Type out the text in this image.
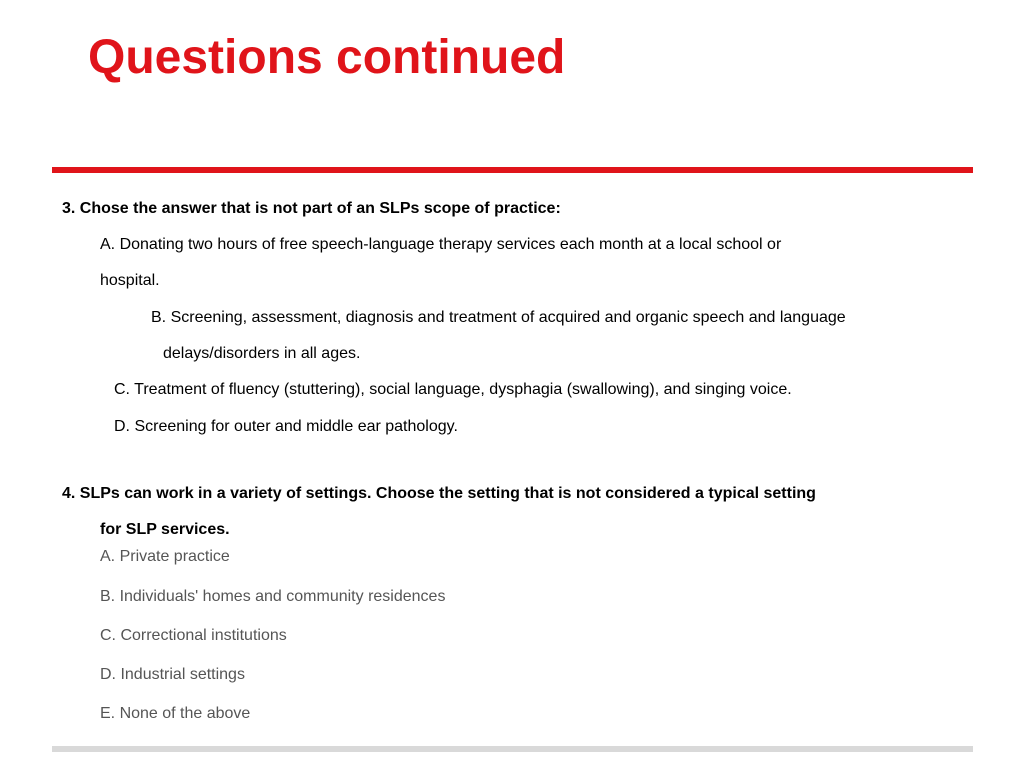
Questions continued

3. Chose the answer that is not part of an SLPs scope of practice:

A. Donating two hours of free speech-language therapy services each month at a local school or

hospital.

B. Screening, assessment, diagnosis and treatment of acquired and organic speech and language

delays/disorders in all ages.

C. Treatment of fluency (stuttering), social language, dysphagia (swallowing), and singing voice.

D. Screening for outer and middle ear pathology.

4. SLPs can work in a variety of settings. Choose the setting that is not considered a typical setting

for SLP services.

A. Private practice

B. Individuals' homes and community residences

C. Correctional institutions

D. Industrial settings

E. None of the above
